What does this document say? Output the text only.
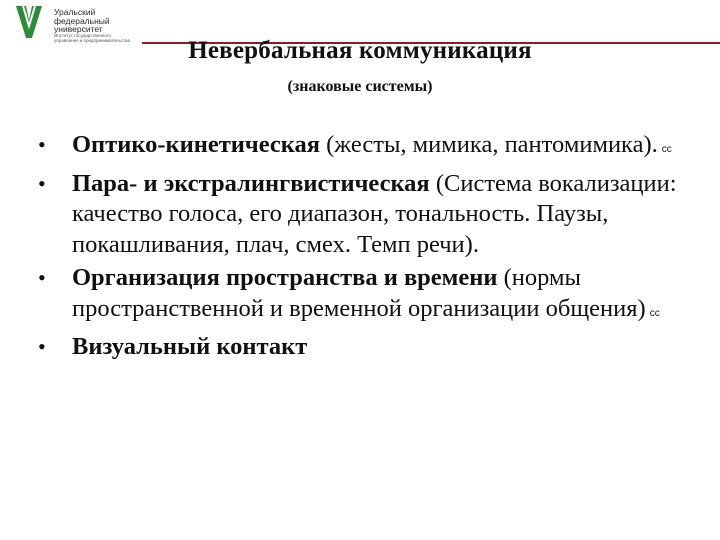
Уральский
федеральный
университет
Институт государственного
управления и предпринимательства	Невербальная коммуникация
(знаковые системы)
• Оптико-кинетическая (жесты, мимика, пантомимика). cc
• Пара- и экстралингвистическая (Система вокализации: качество голоса, его диапазон, тональность. Паузы, покашливания, плач, смех. Темп речи).
• Организация пространства и времени (нормы пространственной и временной организации общения) cc
• Визуальный контакт
